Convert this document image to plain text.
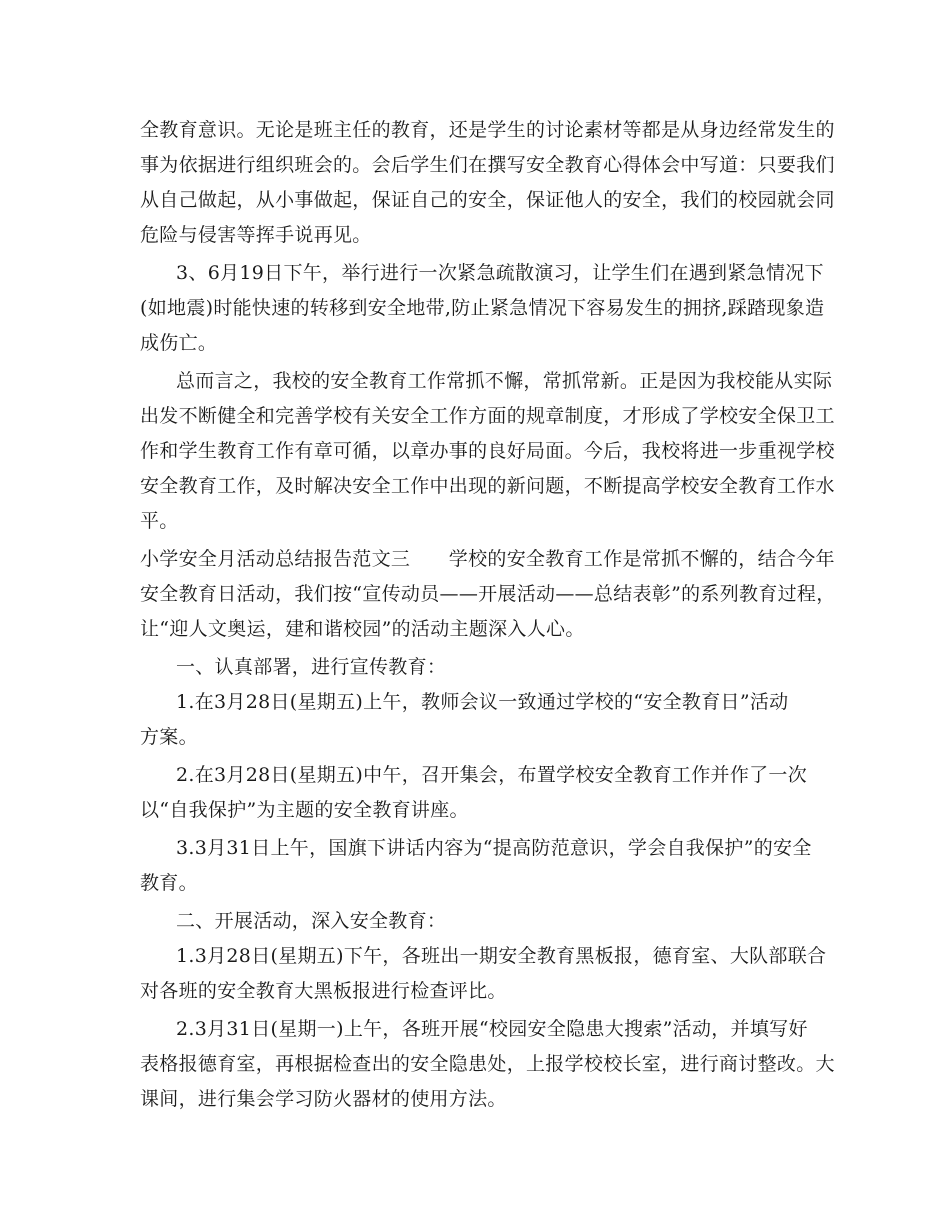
全教育意识。无论是班主任的教育，还是学生的讨论素材等都是从身边经常发生的
事为依据进行组织班会的。会后学生们在撰写安全教育心得体会中写道：只要我们
从自己做起，从小事做起，保证自己的安全，保证他人的安全，我们的校园就会同
危险与侵害等挥手说再见。
3、6月19日下午，举行进行一次紧急疏散演习，让学生们在遇到紧急情况下
(如地震)时能快速的转移到安全地带,防止紧急情况下容易发生的拥挤,踩踏现象造
成伤亡。
总而言之，我校的安全教育工作常抓不懈，常抓常新。正是因为我校能从实际
出发不断健全和完善学校有关安全工作方面的规章制度，才形成了学校安全保卫工
作和学生教育工作有章可循，以章办事的良好局面。今后，我校将进一步重视学校
安全教育工作，及时解决安全工作中出现的新问题，不断提高学校安全教育工作水
平。
小学安全月活动总结报告范文三　　学校的安全教育工作是常抓不懈的，结合今年
安全教育日活动，我们按“宣传动员——开展活动——总结表彰”的系列教育过程，
让“迎人文奥运，建和谐校园”的活动主题深入人心。
一、认真部署，进行宣传教育：
1.在3月28日(星期五)上午，教师会议一致通过学校的“安全教育日”活动
方案。
2.在3月28日(星期五)中午，召开集会，布置学校安全教育工作并作了一次
以“自我保护”为主题的安全教育讲座。
3.3月31日上午，国旗下讲话内容为“提高防范意识，学会自我保护”的安全
教育。
二、开展活动，深入安全教育：
1.3月28日(星期五)下午，各班出一期安全教育黑板报，德育室、大队部联合
对各班的安全教育大黑板报进行检查评比。
2.3月31日(星期一)上午，各班开展“校园安全隐患大搜索”活动，并填写好
表格报德育室，再根据检查出的安全隐患处，上报学校校长室，进行商讨整改。大
课间，进行集会学习防火器材的使用方法。
